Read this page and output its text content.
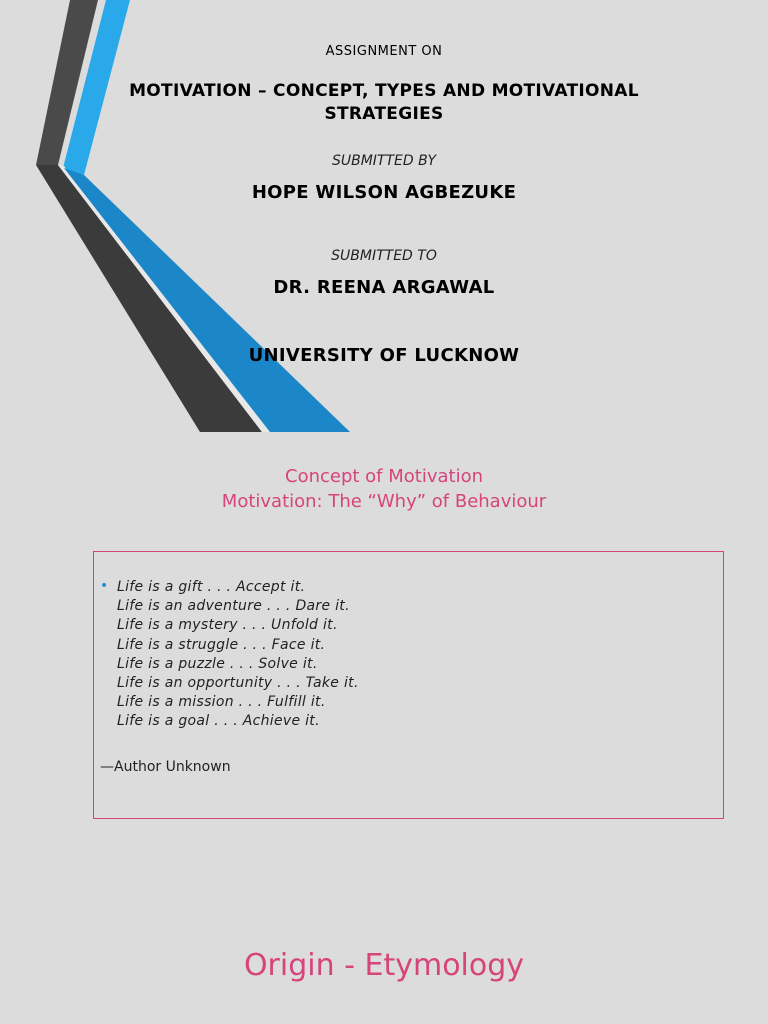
ASSIGNMENT ON
MOTIVATION – CONCEPT, TYPES AND MOTIVATIONAL
STRATEGIES
SUBMITTED BY
HOPE WILSON AGBEZUKE
SUBMITTED TO
DR. REENA ARGAWAL
UNIVERSITY OF LUCKNOW
Concept of Motivation
Motivation: The “Why” of Behaviour
• Life is a gift . . . Accept it.
Life is an adventure . . . Dare it.
Life is a mystery . . . Unfold it.
Life is a struggle . . . Face it.
Life is a puzzle . . . Solve it.
Life is an opportunity . . . Take it.
Life is a mission . . . Fulfill it.
Life is a goal . . . Achieve it.
—Author Unknown
Origin - Etymology
